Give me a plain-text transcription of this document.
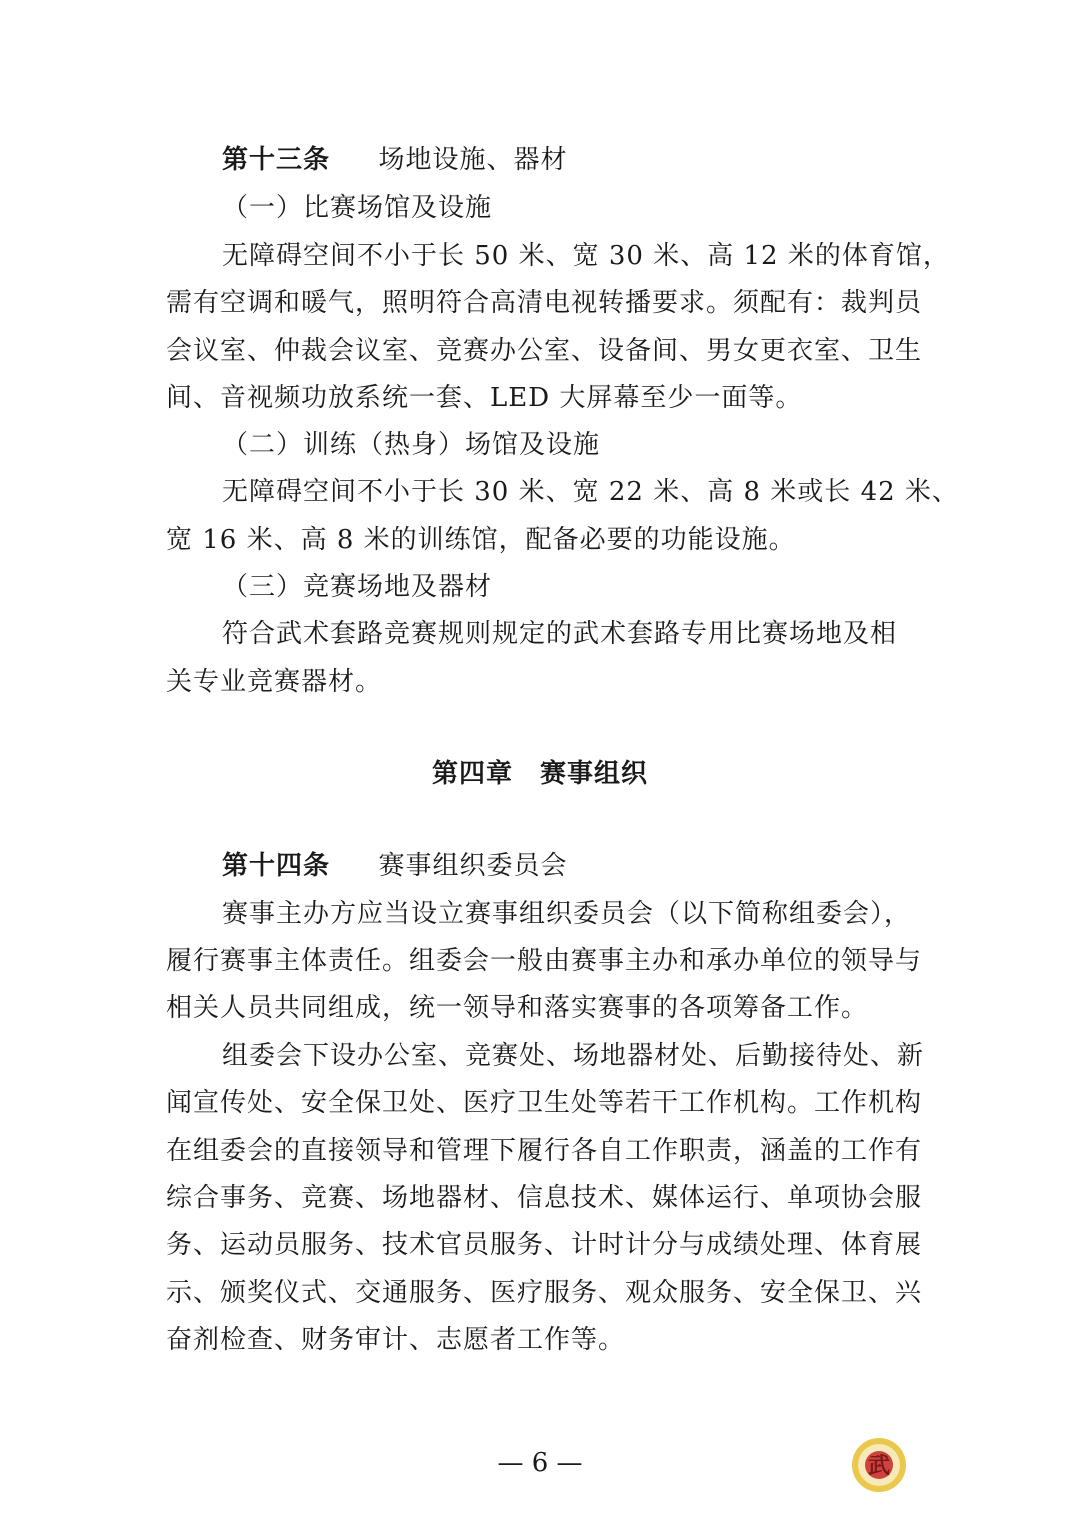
第十三条 场地设施、器材
（一）比赛场馆及设施
无障碍空间不小于长 50 米、宽 30 米、高 12 米的体育馆，
需有空调和暖气，照明符合高清电视转播要求。须配有：裁判员
会议室、仲裁会议室、竞赛办公室、设备间、男女更衣室、卫生
间、音视频功放系统一套、LED 大屏幕至少一面等。
（二）训练（热身）场馆及设施
无障碍空间不小于长 30 米、宽 22 米、高 8 米或长 42 米、
宽 16 米、高 8 米的训练馆，配备必要的功能设施。
（三）竞赛场地及器材
符合武术套路竞赛规则规定的武术套路专用比赛场地及相
关专业竞赛器材。
第四章　赛事组织
第十四条 赛事组织委员会
赛事主办方应当设立赛事组织委员会（以下简称组委会），
履行赛事主体责任。组委会一般由赛事主办和承办单位的领导与
相关人员共同组成，统一领导和落实赛事的各项筹备工作。
组委会下设办公室、竞赛处、场地器材处、后勤接待处、新
闻宣传处、安全保卫处、医疗卫生处等若干工作机构。工作机构
在组委会的直接领导和管理下履行各自工作职责，涵盖的工作有
综合事务、竞赛、场地器材、信息技术、媒体运行、单项协会服
务、运动员服务、技术官员服务、计时计分与成绩处理、体育展
示、颁奖仪式、交通服务、医疗服务、观众服务、安全保卫、兴
奋剂检查、财务审计、志愿者工作等。
— 6 —	武
